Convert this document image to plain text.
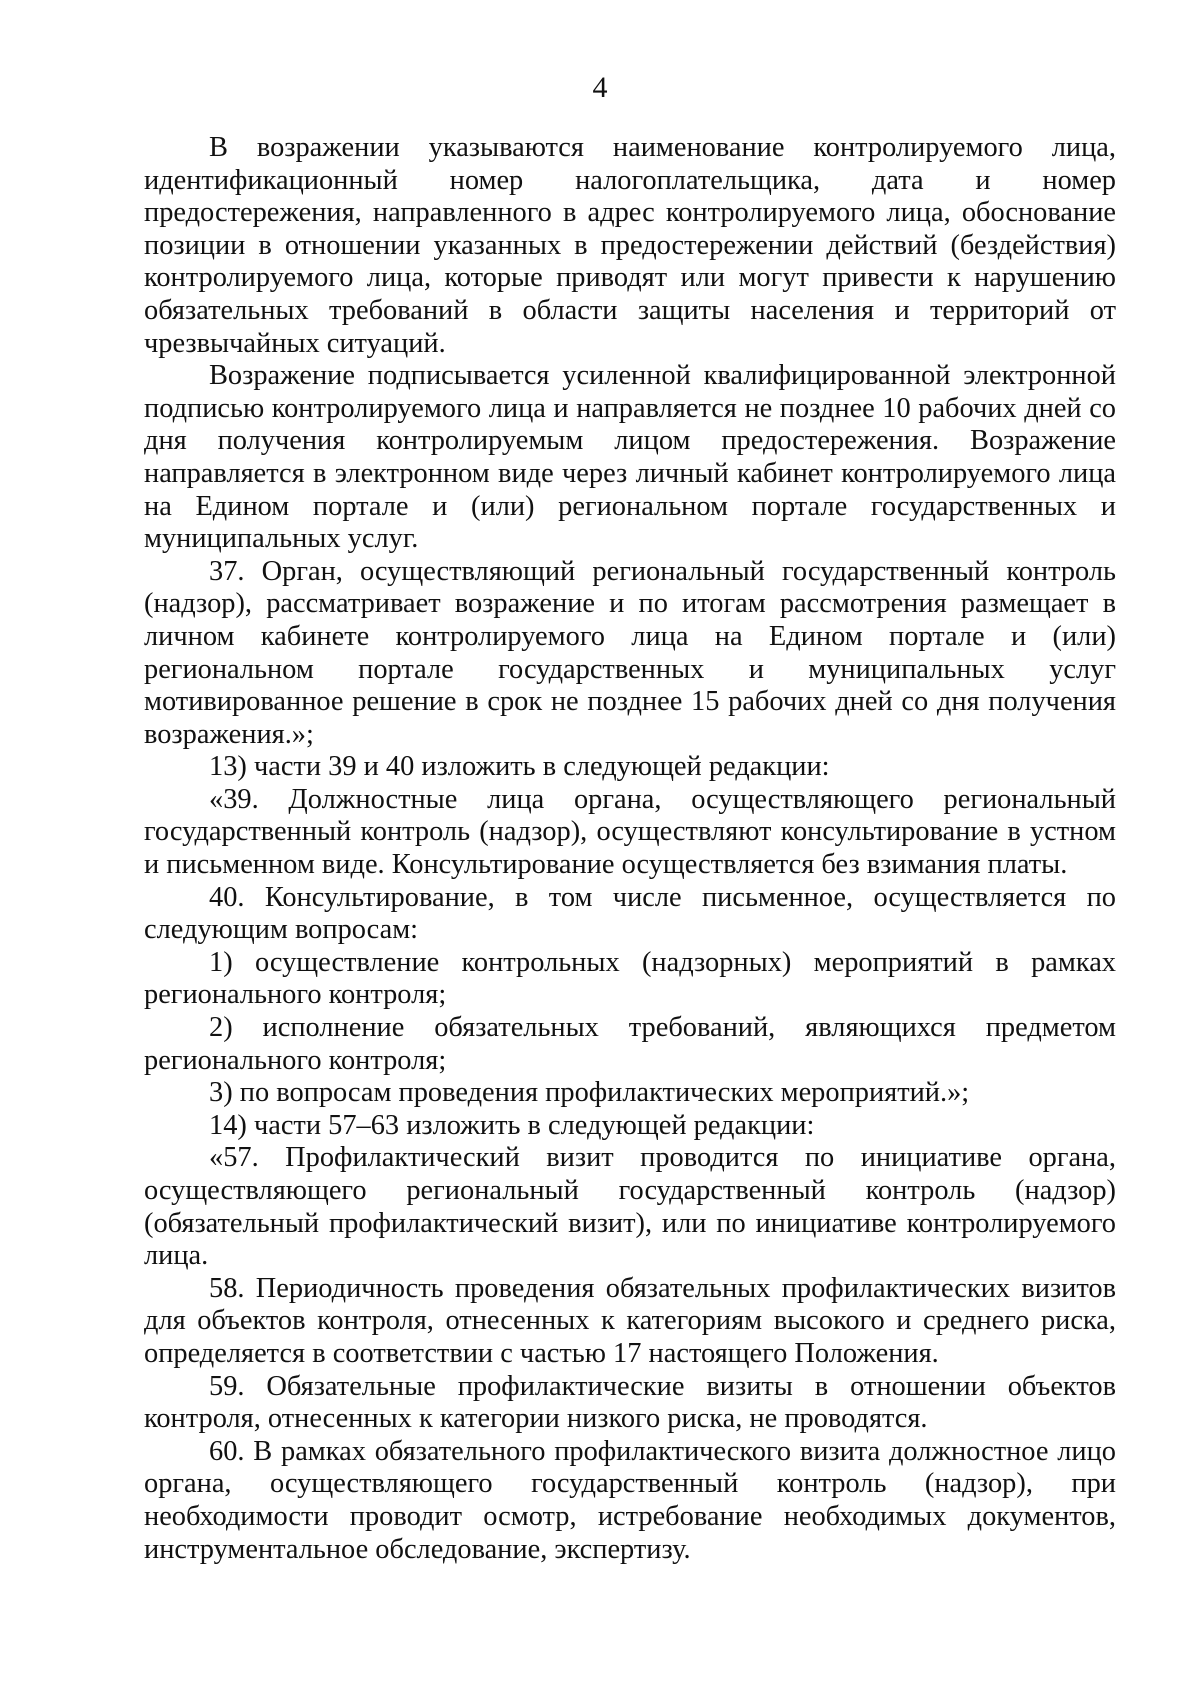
4

В возражении указываются наименование контролируемого лица, идентификационный номер налогоплательщика, дата и номер предостережения, направленного в адрес контролируемого лица, обоснование позиции в отношении указанных в предостережении действий (бездействия) контролируемого лица, которые приводят или могут привести к нарушению обязательных требований в области защиты населения и территорий от чрезвычайных ситуаций.

Возражение подписывается усиленной квалифицированной электронной подписью контролируемого лица и направляется не позднее 10 рабочих дней со дня получения контролируемым лицом предостережения. Возражение направляется в электронном виде через личный кабинет контролируемого лица на Едином портале и (или) региональном портале государственных и муниципальных услуг.

37. Орган, осуществляющий региональный государственный контроль (надзор), рассматривает возражение и по итогам рассмотрения размещает в личном кабинете контролируемого лица на Едином портале и (или) региональном портале государственных и муниципальных услуг мотивированное решение в срок не позднее 15 рабочих дней со дня получения возражения.»;

13) части 39 и 40 изложить в следующей редакции:

«39. Должностные лица органа, осуществляющего региональный государственный контроль (надзор), осуществляют консультирование в устном и письменном виде. Консультирование осуществляется без взимания платы.

40. Консультирование, в том числе письменное, осуществляется по следующим вопросам:

1) осуществление контрольных (надзорных) мероприятий в рамках регионального контроля;

2) исполнение обязательных требований, являющихся предметом регионального контроля;

3) по вопросам проведения профилактических мероприятий.»;

14) части 57–63 изложить в следующей редакции:

«57. Профилактический визит проводится по инициативе органа, осуществляющего региональный государственный контроль (надзор) (обязательный профилактический визит), или по инициативе контролируемого лица.

58. Периодичность проведения обязательных профилактических визитов для объектов контроля, отнесенных к категориям высокого и среднего риска, определяется в соответствии с частью 17 настоящего Положения.

59. Обязательные профилактические визиты в отношении объектов контроля, отнесенных к категории низкого риска, не проводятся.

60. В рамках обязательного профилактического визита должностное лицо органа, осуществляющего государственный контроль (надзор), при необходимости проводит осмотр, истребование необходимых документов, инструментальное обследование, экспертизу.
